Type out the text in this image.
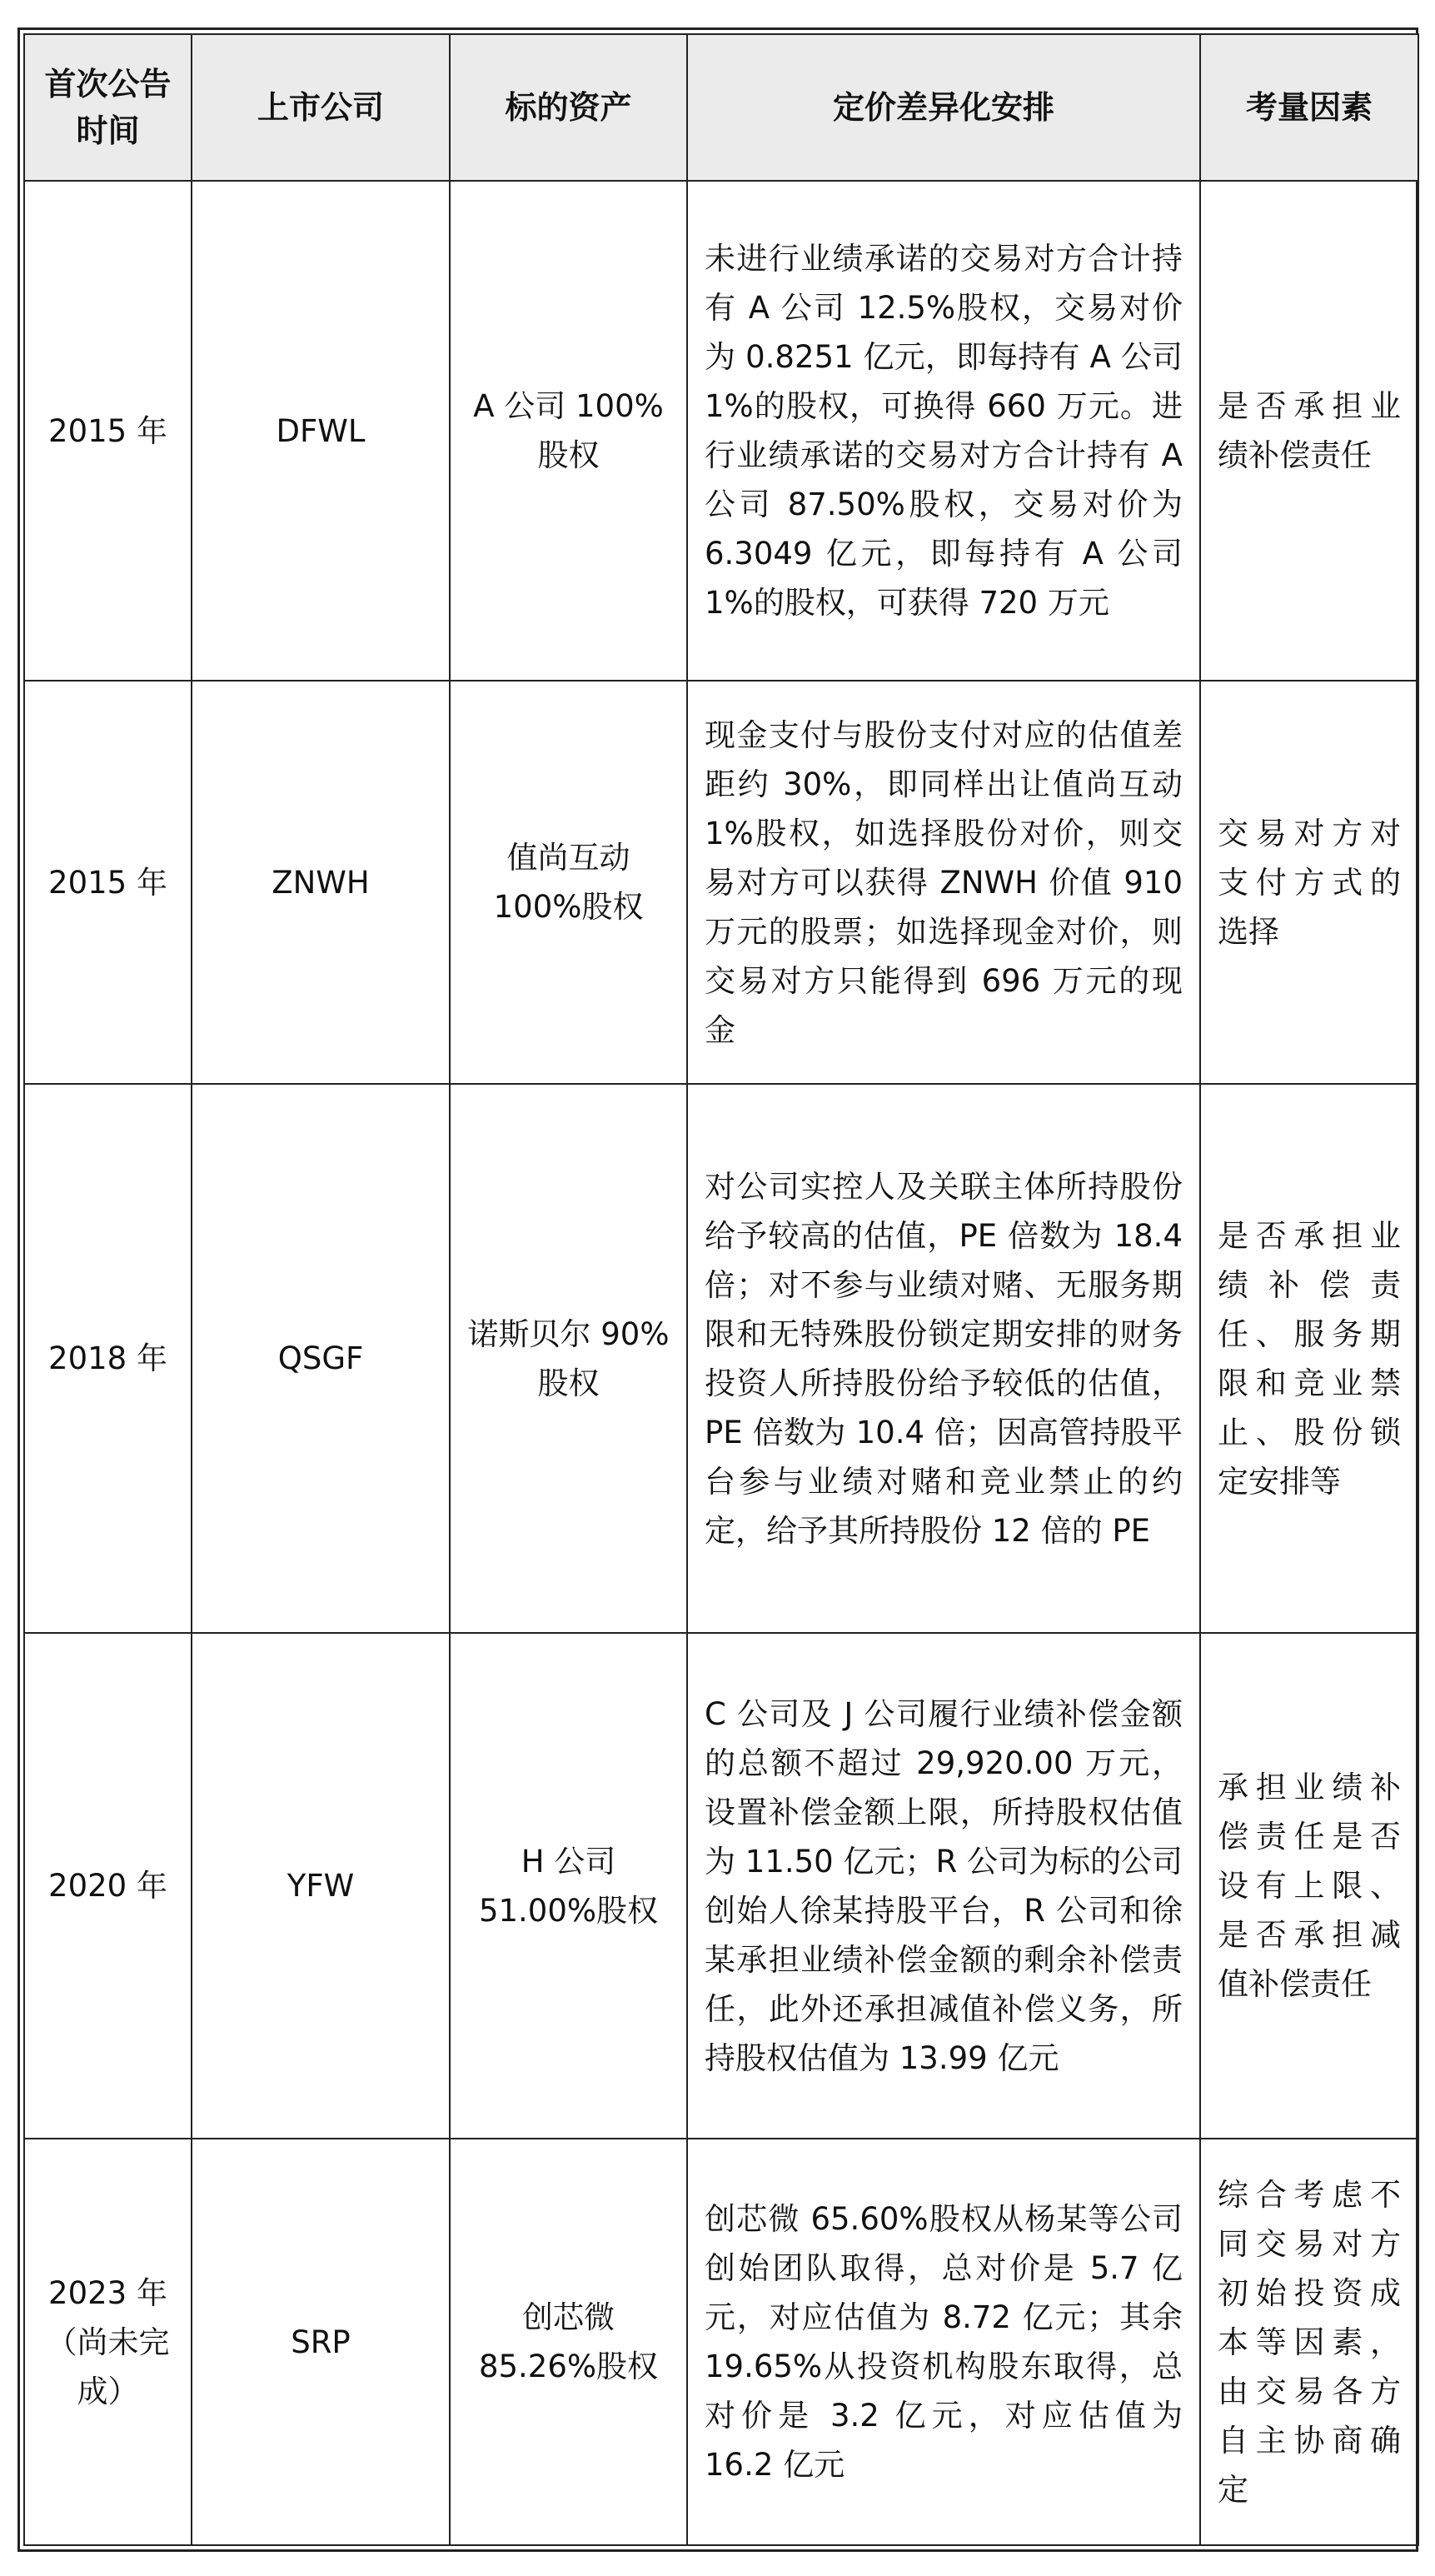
首次公告时间	上市公司	标的资产	定价差异化安排	考量因素
2015 年	DFWL	A 公司 100%股权	未进行业绩承诺的交易对方合计持有 A 公司 12.5%股权，交易对价为 0.8251 亿元，即每持有 A 公司 1%的股权，可换得 660 万元。进行业绩承诺的交易对方合计持有 A 公司 87.50%股权，交易对价为 6.3049 亿元，即每持有 A 公司 1%的股权，可获得 720 万元	是否承担业绩补偿责任
2015 年	ZNWH	值尚互动 100%股权	现金支付与股份支付对应的估值差距约 30%，即同样出让值尚互动 1%股权，如选择股份对价，则交易对方可以获得 ZNWH 价值 910 万元的股票；如选择现金对价，则交易对方只能得到 696 万元的现金	交易对方对支付方式的选择
2018 年	QSGF	诺斯贝尔 90%股权	对公司实控人及关联主体所持股份给予较高的估值，PE 倍数为 18.4 倍；对不参与业绩对赌、无服务期限和无特殊股份锁定期安排的财务投资人所持股份给予较低的估值，PE 倍数为 10.4 倍；因高管持股平台参与业绩对赌和竞业禁止的约定，给予其所持股份 12 倍的 PE	是否承担业绩补偿责任、服务期限和竞业禁止、股份锁定安排等
2020 年	YFW	H 公司 51.00%股权	C 公司及 J 公司履行业绩补偿金额的总额不超过 29,920.00 万元，设置补偿金额上限，所持股权估值为 11.50 亿元；R 公司为标的公司创始人徐某持股平台，R 公司和徐某承担业绩补偿金额的剩余补偿责任，此外还承担减值补偿义务，所持股权估值为 13.99 亿元	承担业绩补偿责任是否设有上限、是否承担减值补偿责任
2023 年（尚未完成）	SRP	创芯微 85.26%股权	创芯微 65.60%股权从杨某等公司创始团队取得，总对价是 5.7 亿元，对应估值为 8.72 亿元；其余 19.65%从投资机构股东取得，总对价是 3.2 亿元，对应估值为 16.2 亿元	综合考虑不同交易对方初始投资成本等因素，由交易各方自主协商确定
